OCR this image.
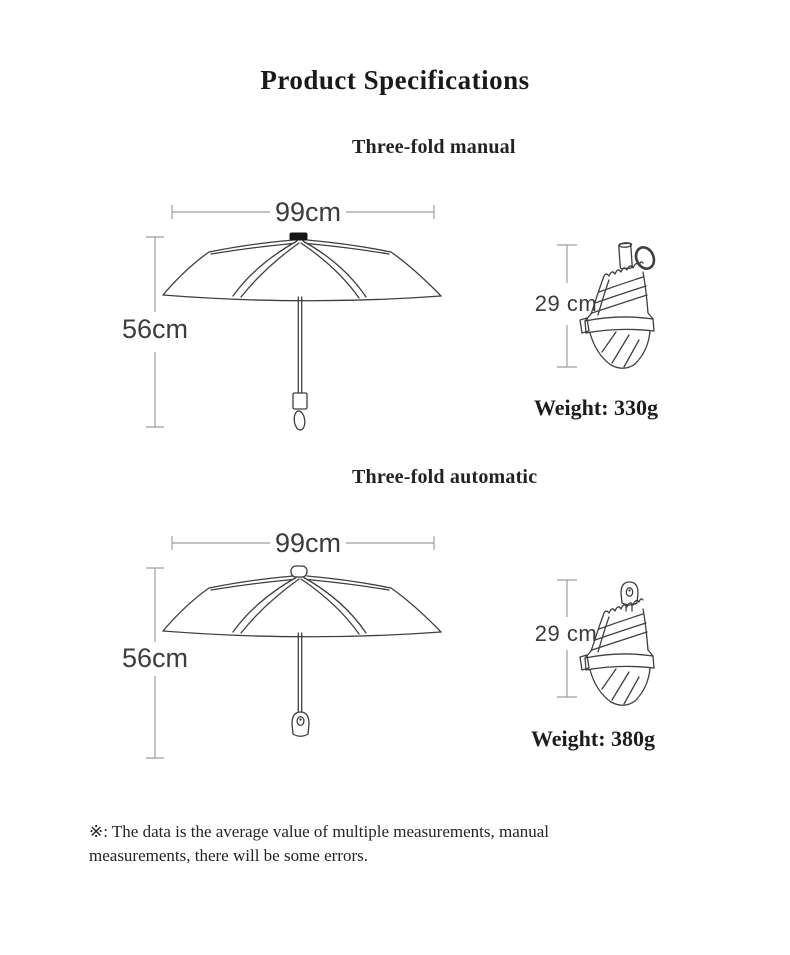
Product Specifications
Three-fold manual
99cm
56cm
29 cm
Weight: 330g
Three-fold automatic
99cm
56cm
29 cm
Weight: 380g
※: The data is the average value of multiple measurements, manual
measurements, there will be some errors.
